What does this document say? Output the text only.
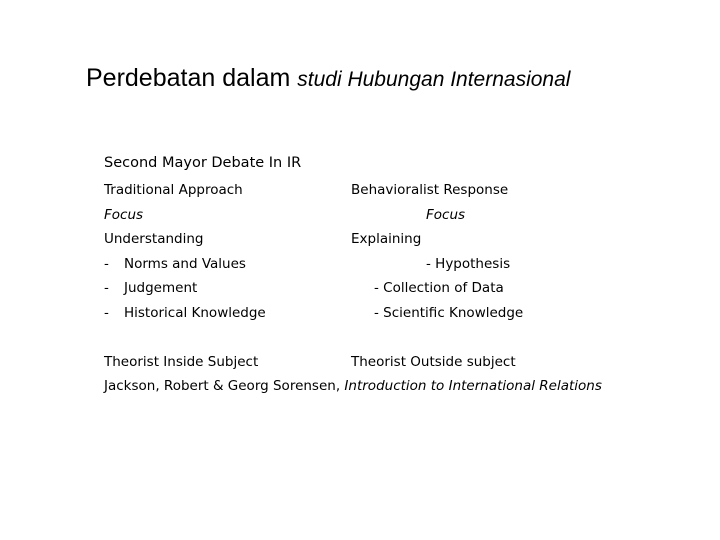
Perdebatan dalam studi Hubungan Internasional
Second Mayor Debate In IR
Traditional Approach
Focus
Understanding
- Norms and Values
- Judgement
- Historical Knowledge
Behavioralist Response
Focus
Explaining
- Hypothesis
- Collection of Data
- Scientific Knowledge
Theorist Inside Subject	Theorist Outside subject
Jackson, Robert & Georg Sorensen, Introduction to International Relations
